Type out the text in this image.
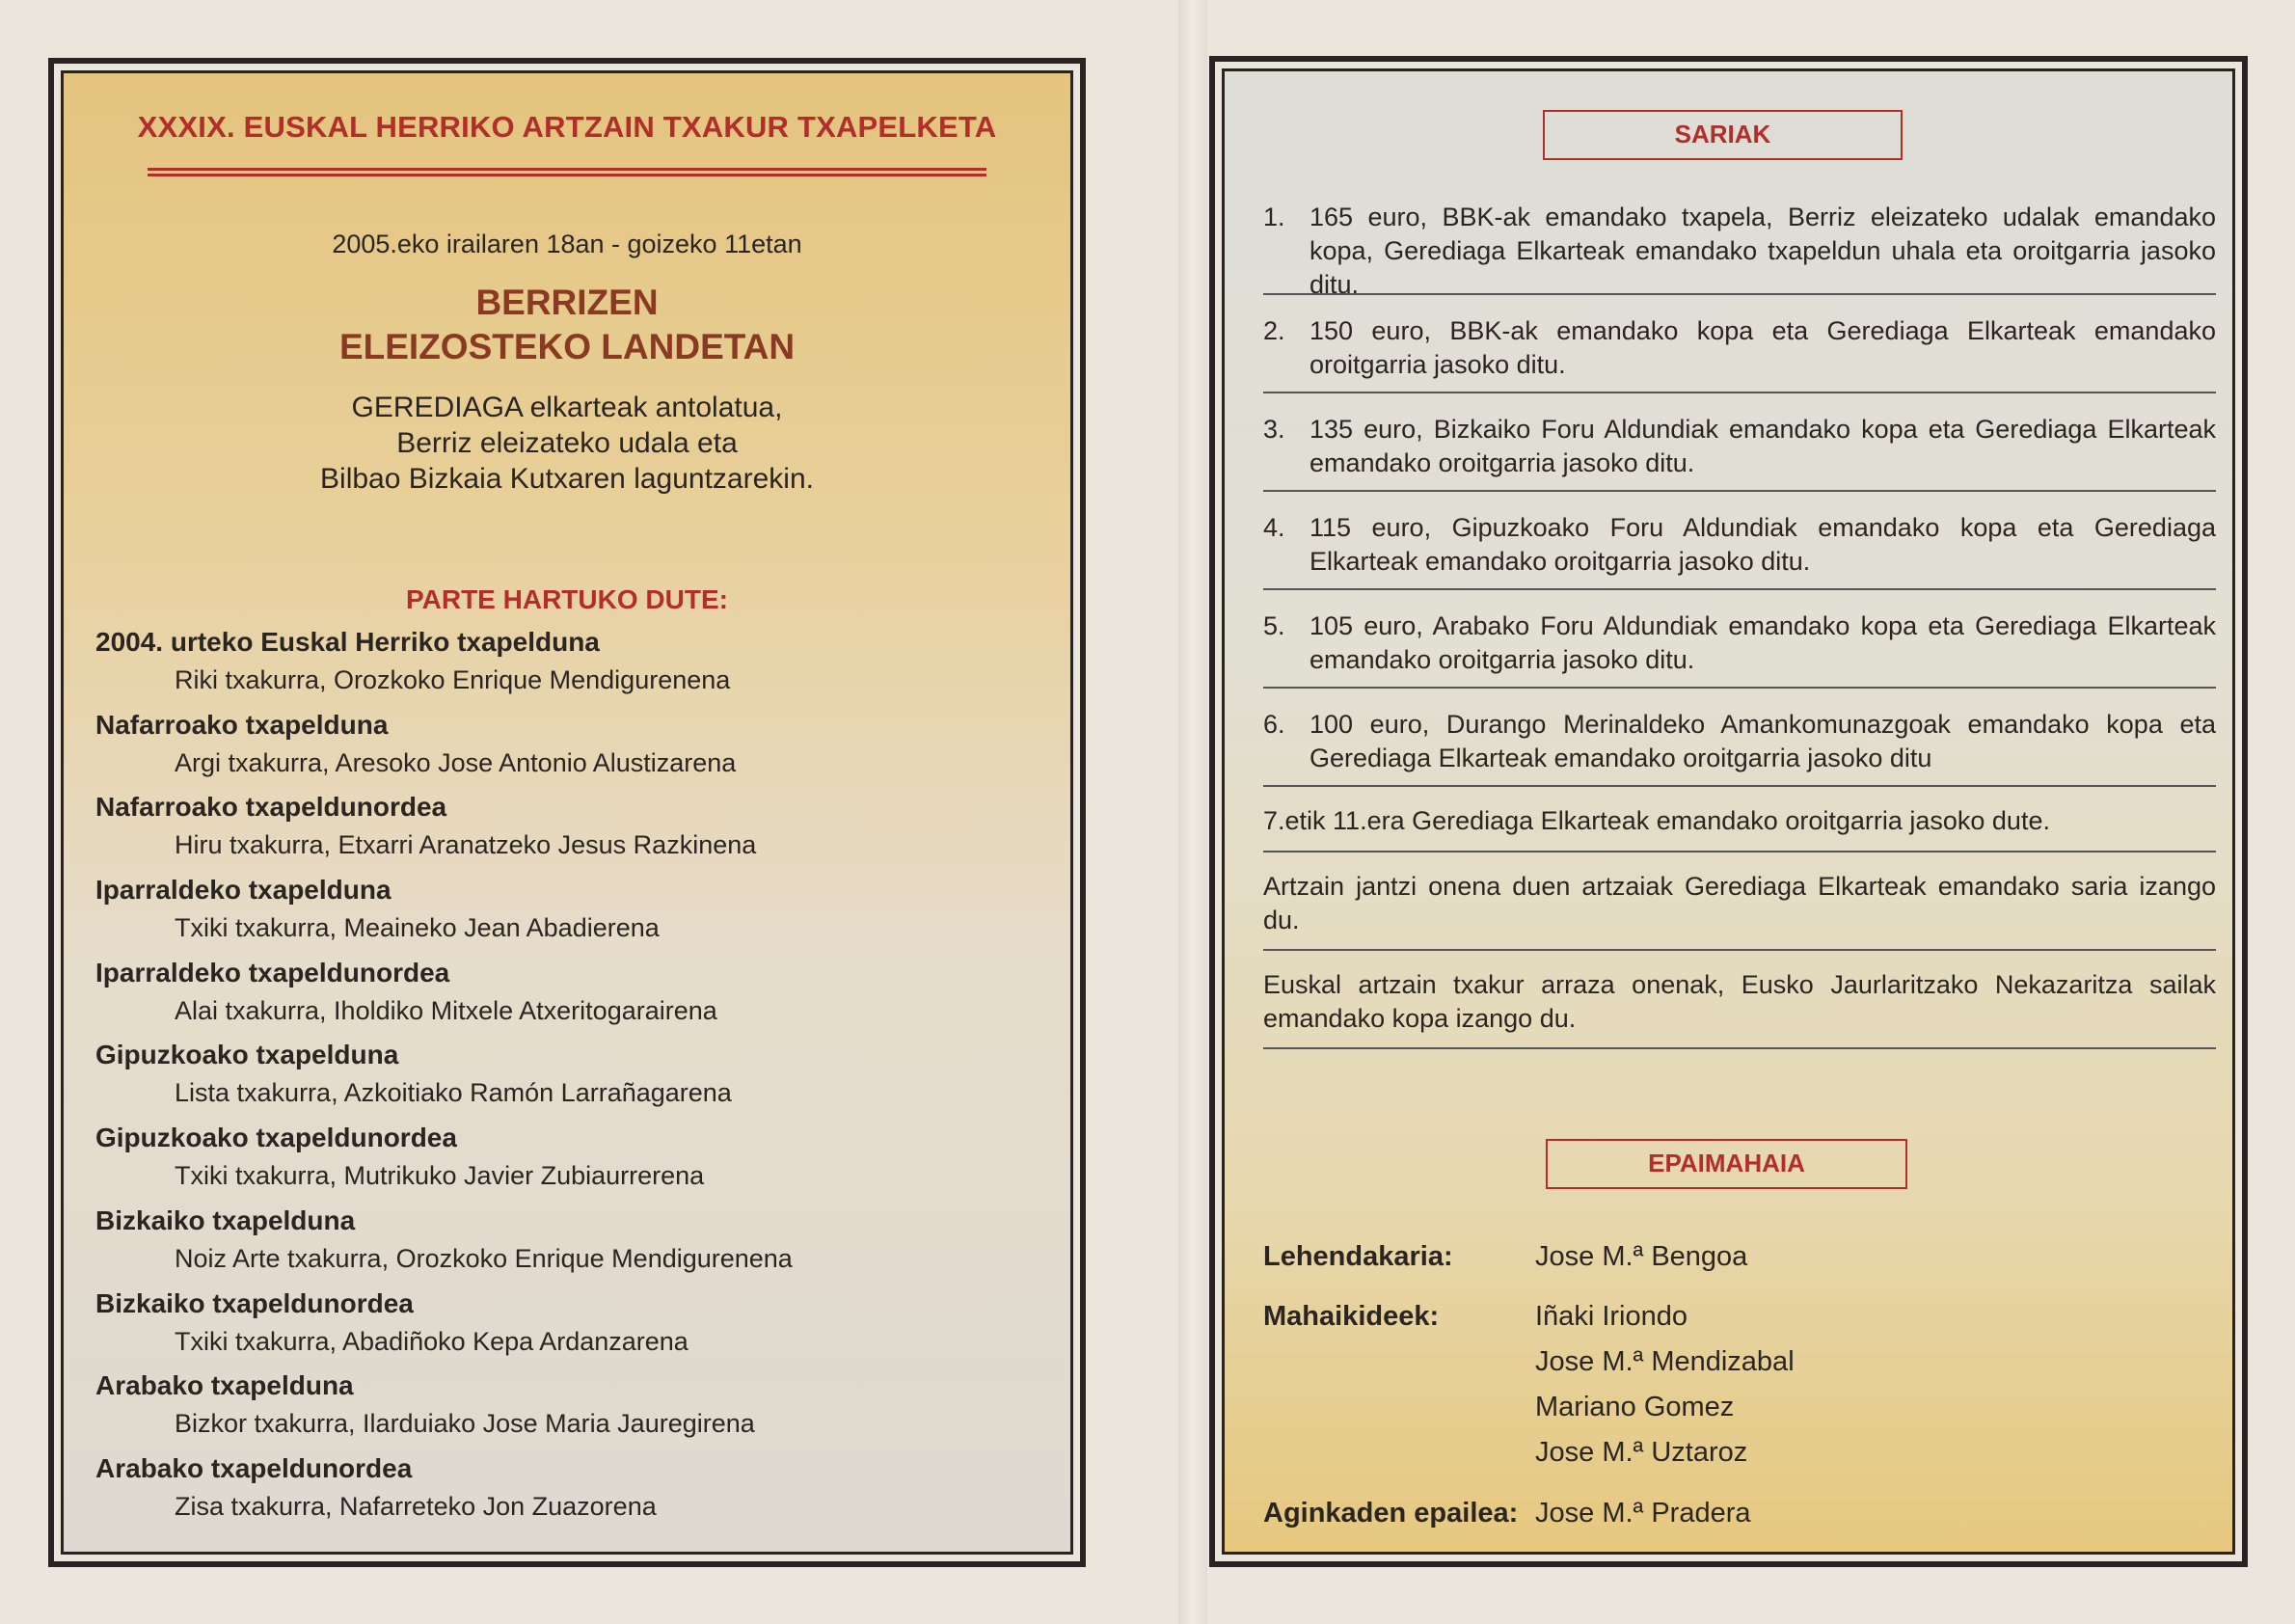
XXXIX. EUSKAL HERRIKO ARTZAIN TXAKUR TXAPELKETA
2005.eko irailaren 18an - goizeko 11etan
BERRIZEN
ELEIZOSTEKO LANDETAN
GEREDIAGA elkarteak antolatua,
Berriz eleizateko udala eta
Bilbao Bizkaia Kutxaren laguntzarekin.
PARTE HARTUKO DUTE:
2004. urteko Euskal Herriko txapelduna
Riki txakurra, Orozkoko Enrique Mendigurenena
Nafarroako txapelduna
Argi txakurra, Aresoko Jose Antonio Alustizarena
Nafarroako txapeldunordea
Hiru txakurra, Etxarri Aranatzeko Jesus Razkinena
Iparraldeko txapelduna
Txiki txakurra, Meaineko Jean Abadierena
Iparraldeko txapeldunordea
Alai txakurra, Iholdiko Mitxele Atxeritogarairena
Gipuzkoako txapelduna
Lista txakurra, Azkoitiako Ramón Larrañagarena
Gipuzkoako txapeldunordea
Txiki txakurra, Mutrikuko Javier Zubiaurrerena
Bizkaiko txapelduna
Noiz Arte txakurra, Orozkoko Enrique Mendigurenena
Bizkaiko txapeldunordea
Txiki txakurra, Abadiñoko Kepa Ardanzarena
Arabako txapelduna
Bizkor txakurra, Ilarduiako Jose Maria Jauregirena
Arabako txapeldunordea
Zisa txakurra, Nafarreteko Jon Zuazorena
SARIAK
1. 165 euro, BBK-ak emandako txapela, Berriz eleizateko udalak emandako kopa, Gerediaga Elkarteak emandako txapeldun uhala eta oroitgarria jasoko ditu.
2. 150 euro, BBK-ak emandako kopa eta Gerediaga Elkarteak emandako oroitgarria jasoko ditu.
3. 135 euro, Bizkaiko Foru Aldundiak emandako kopa eta Gerediaga Elkarteak emandako oroitgarria jasoko ditu.
4. 115 euro, Gipuzkoako Foru Aldundiak emandako kopa eta Gerediaga Elkarteak emandako oroitgarria jasoko ditu.
5. 105 euro, Arabako Foru Aldundiak emandako kopa eta Gerediaga Elkarteak emandako oroitgarria jasoko ditu.
6. 100 euro, Durango Merinaldeko Amankomunazgoak emandako kopa eta Gerediaga Elkarteak emandako oroitgarria jasoko ditu
7.etik 11.era Gerediaga Elkarteak emandako oroitgarria jasoko dute.
Artzain jantzi onena duen artzaiak Gerediaga Elkarteak emandako saria izango du.
Euskal artzain txakur arraza onenak, Eusko Jaurlaritzako Nekazaritza sailak emandako kopa izango du.
EPAIMAHAIA
Lehendakaria:	Jose M.ª Bengoa
Mahaikideek:	Iñaki Iriondo
Jose M.ª Mendizabal
Mariano Gomez
Jose M.ª Uztaroz
Aginkaden epailea: Jose M.ª Pradera
